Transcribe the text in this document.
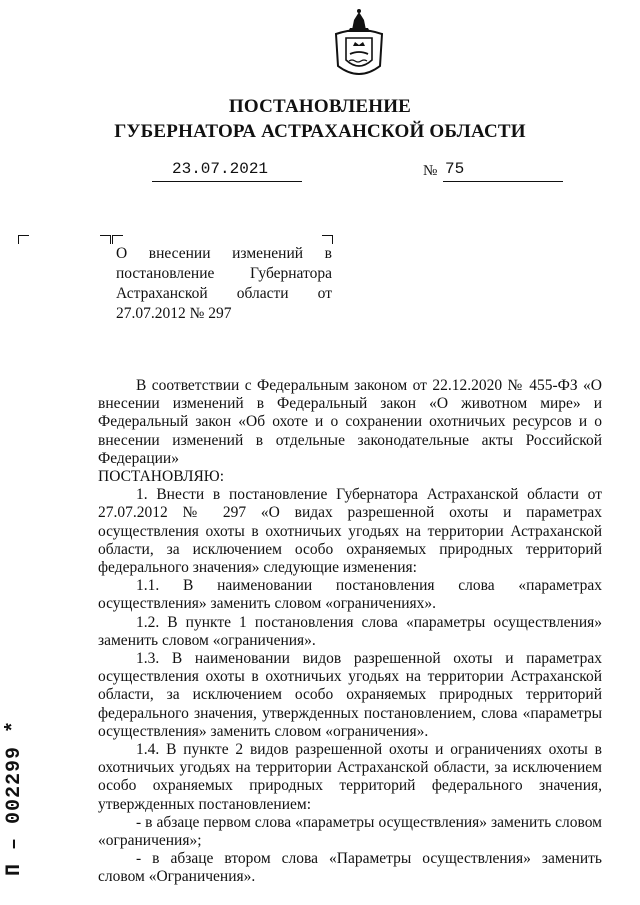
ПОСТАНОВЛЕНИЕ
ГУБЕРНАТОРА АСТРАХАНСКОЙ ОБЛАСТИ
23.07.2021	№ 75
О внесении изменений в постановление Губернатора Астраханской области от 27.07.2012 № 297

В соответствии с Федеральным законом от 22.12.2020 № 455-ФЗ «О внесении изменений в Федеральный закон «О животном мире» и Федеральный закон «Об охоте и о сохранении охотничьих ресурсов и о внесении изменений в отдельные законодательные акты Российской Федерации»

ПОСТАНОВЛЯЮ:

1. Внести в постановление Губернатора Астраханской области от 27.07.2012 № 297 «О видах разрешенной охоты и параметрах осуществления охоты в охотничьих угодьях на территории Астраханской области, за исключением особо охраняемых природных территорий федерального значения» следующие изменения:

1.1. В наименовании постановления слова «параметрах осуществления» заменить словом «ограничениях».

1.2. В пункте 1 постановления слова «параметры осуществления» заменить словом «ограничения».

1.3. В наименовании видов разрешенной охоты и параметрах осуществления охоты в охотничьих угодьях на территории Астраханской области, за исключением особо охраняемых природных территорий федерального значения, утвержденных постановлением, слова «параметры осуществления» заменить словом «ограничения».

1.4. В пункте 2 видов разрешенной охоты и ограничениях охоты в охотничьих угодьях на территории Астраханской области, за исключением особо охраняемых природных территорий федерального значения, утвержденных постановлением:

- в абзаце первом слова «параметры осуществления» заменить словом «ограничения»;

- в абзаце втором слова «Параметры осуществления» заменить словом «Ограничения».

П – 002299 *
